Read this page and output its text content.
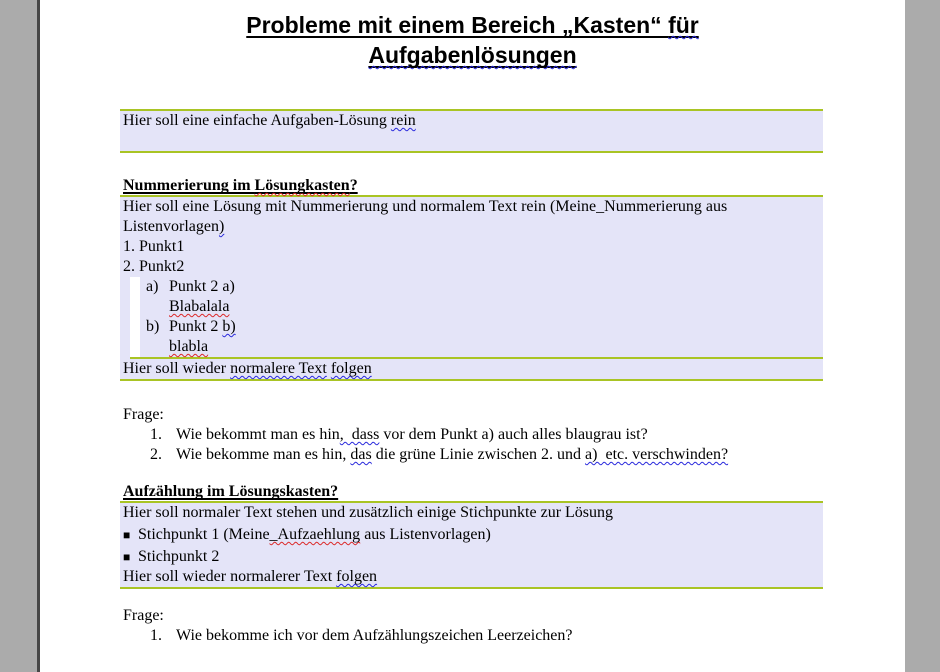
Probleme mit einem Bereich „Kasten“ für
Aufgabenlösungen
Hier soll eine einfache Aufgaben-Lösung rein
Nummerierung im Lösungkasten?
Hier soll eine Lösung mit Nummerierung und normalem Text rein (Meine_Nummerierung aus
Listenvorlagen)
1. Punkt1
2. Punkt2
a) Punkt 2 a)
Blabalala
b) Punkt 2 b)
blabla
Hier soll wieder normalere Text folgen
Frage:
1. Wie bekommt man es hin,  dass vor dem Punkt a) auch alles blaugrau ist?
2. Wie bekomme man es hin, das die grüne Linie zwischen 2. und a)  etc. verschwinden?
Aufzählung im Lösungskasten?
Hier soll normaler Text stehen und zusätzlich einige Stichpunkte zur Lösung
■ Stichpunkt 1 (Meine_Aufzaehlung aus Listenvorlagen)
■ Stichpunkt 2
Hier soll wieder normalerer Text folgen
Frage:
1. Wie bekomme ich vor dem Aufzählungszeichen Leerzeichen?
